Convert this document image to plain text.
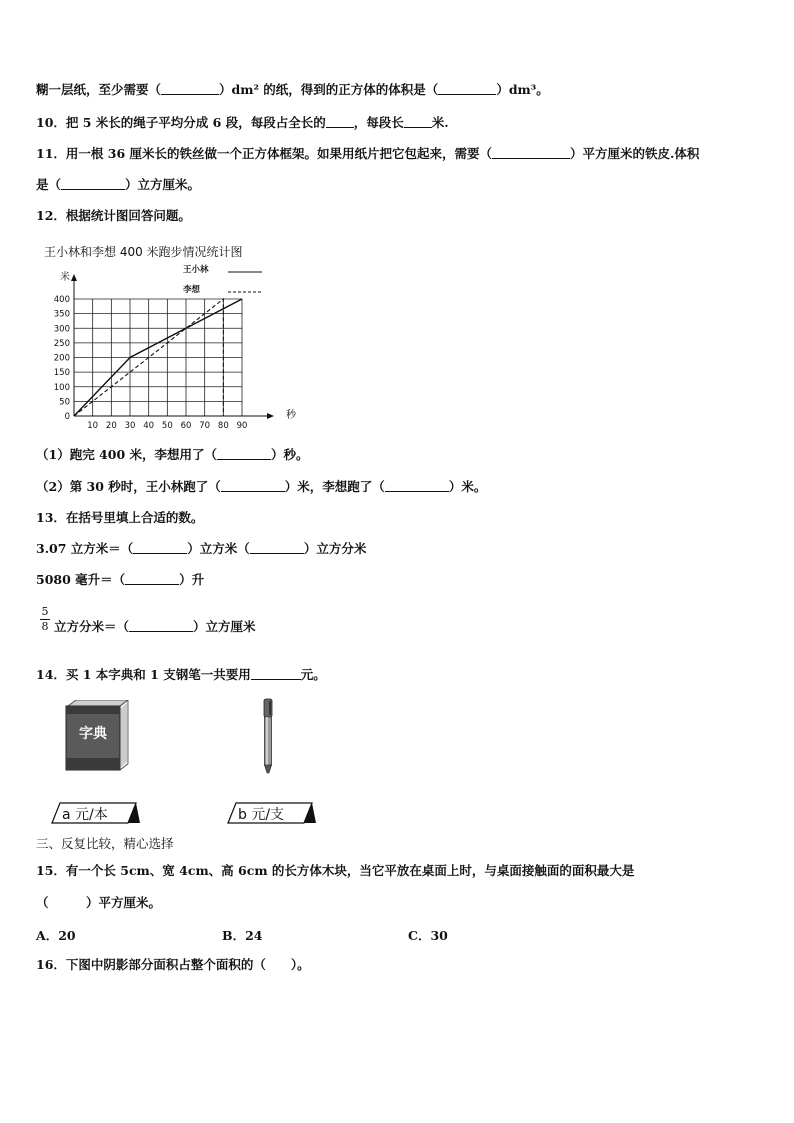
糊一层纸，至少需要（	）dm² 的纸，得到的正方体的体积是（	）dm³。
10．把 5 米长的绳子平均分成 6 段，每段占全长的 ，每段长 米.
11．用一根 36 厘米长的铁丝做一个正方体框架。如果用纸片把它包起来，需要（	）平方厘米的铁皮.体积
是（	）立方厘米。
12．根据统计图回答问题。
王小林和李想 400 米跑步情况统计图
米
秒
0
50
100
150
200
250
300
350
400
10 20 30 40 50 60 70 80 90
王小林
李想
（1）跑完 400 米，李想用了（	）秒。
（2）第 30 秒时，王小林跑了（	）米，李想跑了（	）米。
13．在括号里填上合适的数。
3.07 立方米＝（	）立方米（	）立方分米
5080 毫升＝（	）升
$\frac{5}{8}$ 立方分米＝（	）立方厘米
14．买 1 本字典和 1 支钢笔一共要用	元。
字典
a 元/本	b 元/支
三、反复比较，精心选择
15．有一个长 5cm、宽 4cm、高 6cm 的长方体木块，当它平放在桌面上时，与桌面接触面的面积最大是
（　　　）平方厘米。
A．20	B．24	C．30
16．下图中阴影部分面积占整个面积的（　　）。
